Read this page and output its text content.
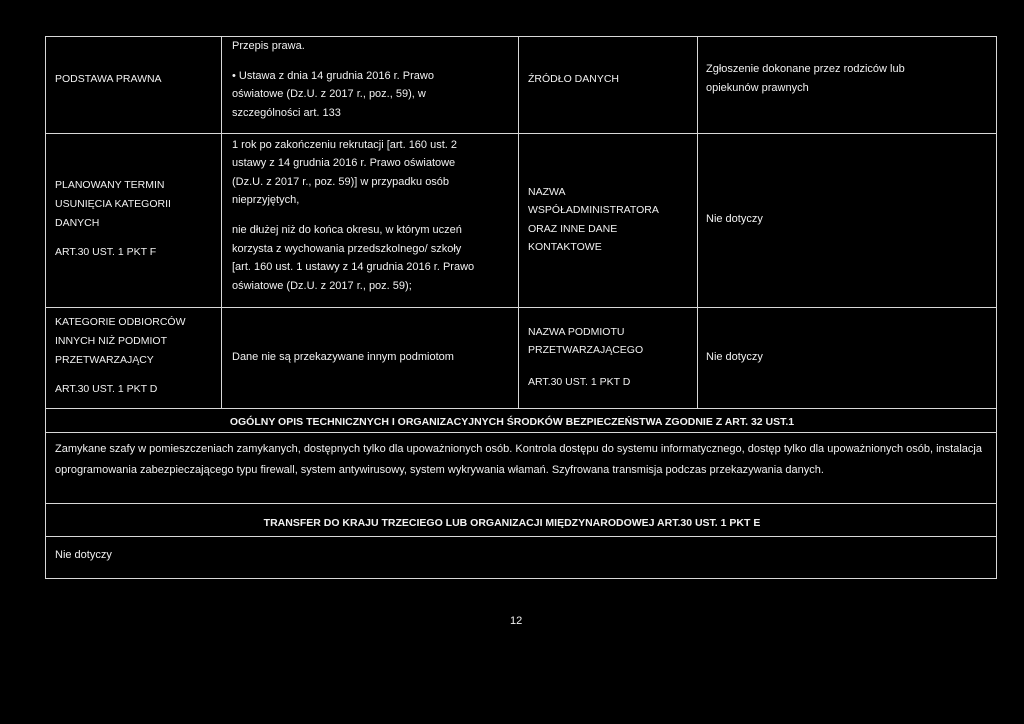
PODSTAWA PRAWNA
Przepis prawa.
• Ustawa z dnia 14 grudnia 2016 r. Prawo
oświatowe (Dz.U. z 2017 r., poz., 59), w
szczególności art. 133
ŹRÓDŁO DANYCH
Zgłoszenie dokonane przez rodziców lub
opiekunów prawnych
PLANOWANY TERMIN
USUNIĘCIA KATEGORII
DANYCH
ART.30 UST. 1 PKT F
1 rok po zakończeniu rekrutacji [art. 160 ust. 2
ustawy z 14 grudnia 2016 r. Prawo oświatowe
(Dz.U. z 2017 r., poz. 59)] w przypadku osób
nieprzyjętych,
nie dłużej niż do końca okresu, w którym uczeń
korzysta z wychowania przedszkolnego/ szkoły
[art. 160 ust. 1 ustawy z 14 grudnia 2016 r. Prawo
oświatowe (Dz.U. z 2017 r., poz. 59);
NAZWA
WSPÓŁADMINISTRATORA
ORAZ INNE DANE
KONTAKTOWE
Nie dotyczy
KATEGORIE ODBIORCÓW
INNYCH NIŻ PODMIOT
PRZETWARZAJĄCY
ART.30 UST. 1 PKT D
Dane nie są przekazywane innym podmiotom
NAZWA PODMIOTU
PRZETWARZAJĄCEGO
ART.30 UST. 1 PKT D
Nie dotyczy
OGÓLNY OPIS TECHNICZNYCH I ORGANIZACYJNYCH ŚRODKÓW BEZPIECZEŃSTWA ZGODNIE Z ART. 32 UST.1
Zamykane szafy w pomieszczeniach zamykanych, dostępnych tylko dla upoważnionych osób. Kontrola dostępu do systemu informatycznego, dostęp tylko dla upoważnionych osób, instalacja oprogramowania zabezpieczającego typu firewall, system antywirusowy, system wykrywania włamań. Szyfrowana transmisja podczas przekazywania danych.
TRANSFER DO KRAJU TRZECIEGO LUB ORGANIZACJI MIĘDZYNARODOWEJ ART.30 UST. 1 PKT E
Nie dotyczy
12
